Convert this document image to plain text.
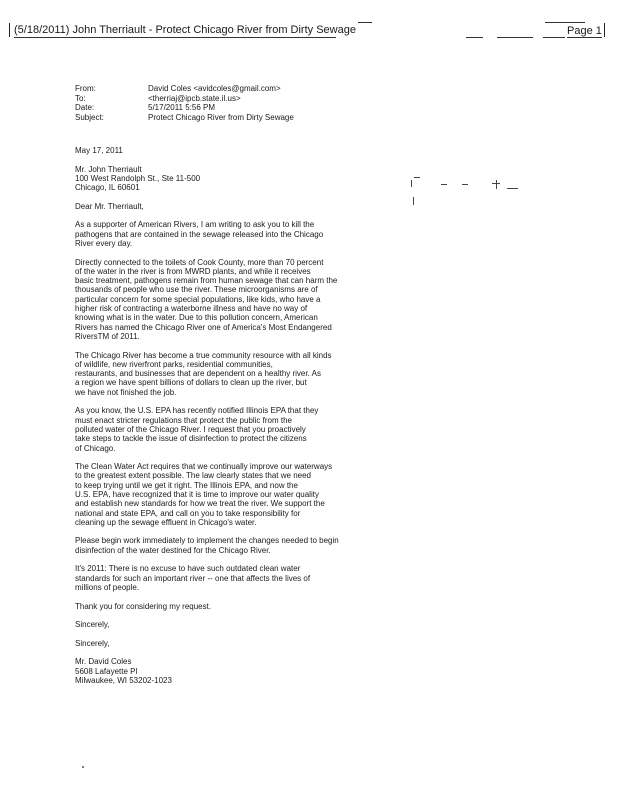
(5/18/2011) John Therriault - Protect Chicago River from Dirty Sewage	Page 1
From:	David Coles <avidcoles@gmail.com>
To:	<therriaj@ipcb.state.il.us>
Date:	5/17/2011 5:56 PM
Subject:	Protect Chicago River from Dirty Sewage
May 17, 2011
Mr. John Therriault
100 West Randolph St., Ste 11-500
Chicago, IL 60601
Dear Mr. Therriault,
As a supporter of American Rivers, I am writing to ask you to kill the
pathogens that are contained in the sewage released into the Chicago
River every day.
Directly connected to the toilets of Cook County, more than 70 percent
of the water in the river is from MWRD plants, and while it receives
basic treatment, pathogens remain from human sewage that can harm the
thousands of people who use the river. These microorganisms are of
particular concern for some special populations, like kids, who have a
higher risk of contracting a waterborne illness and have no way of
knowing what is in the water. Due to this pollution concern, American
Rivers has named the Chicago River one of America's Most Endangered
RiversTM of 2011.
The Chicago River has become a true community resource with all kinds
of wildlife, new riverfront parks, residential communities,
restaurants, and businesses that are dependent on a healthy river. As
a region we have spent billions of dollars to clean up the river, but
we have not finished the job.
As you know, the U.S. EPA has recently notified Illinois EPA that they
must enact stricter regulations that protect the public from the
polluted water of the Chicago River. I request that you proactively
take steps to tackle the issue of disinfection to protect the citizens
of Chicago.
The Clean Water Act requires that we continually improve our waterways
to the greatest extent possible. The law clearly states that we need
to keep trying until we get it right. The Illinois EPA, and now the
U.S. EPA, have recognized that it is time to improve our water quality
and establish new standards for how we treat the river. We support the
national and state EPA, and call on you to take responsibility for
cleaning up the sewage effluent in Chicago's water.
Please begin work immediately to implement the changes needed to begin
disinfection of the water destined for the Chicago River.
It's 2011: There is no excuse to have such outdated clean water
standards for such an important river -- one that affects the lives of
millions of people.
Thank you for considering my request.
Sincerely,
Sincerely,
Mr. David Coles
5608 Lafayette Pl
Milwaukee, WI 53202-1023
